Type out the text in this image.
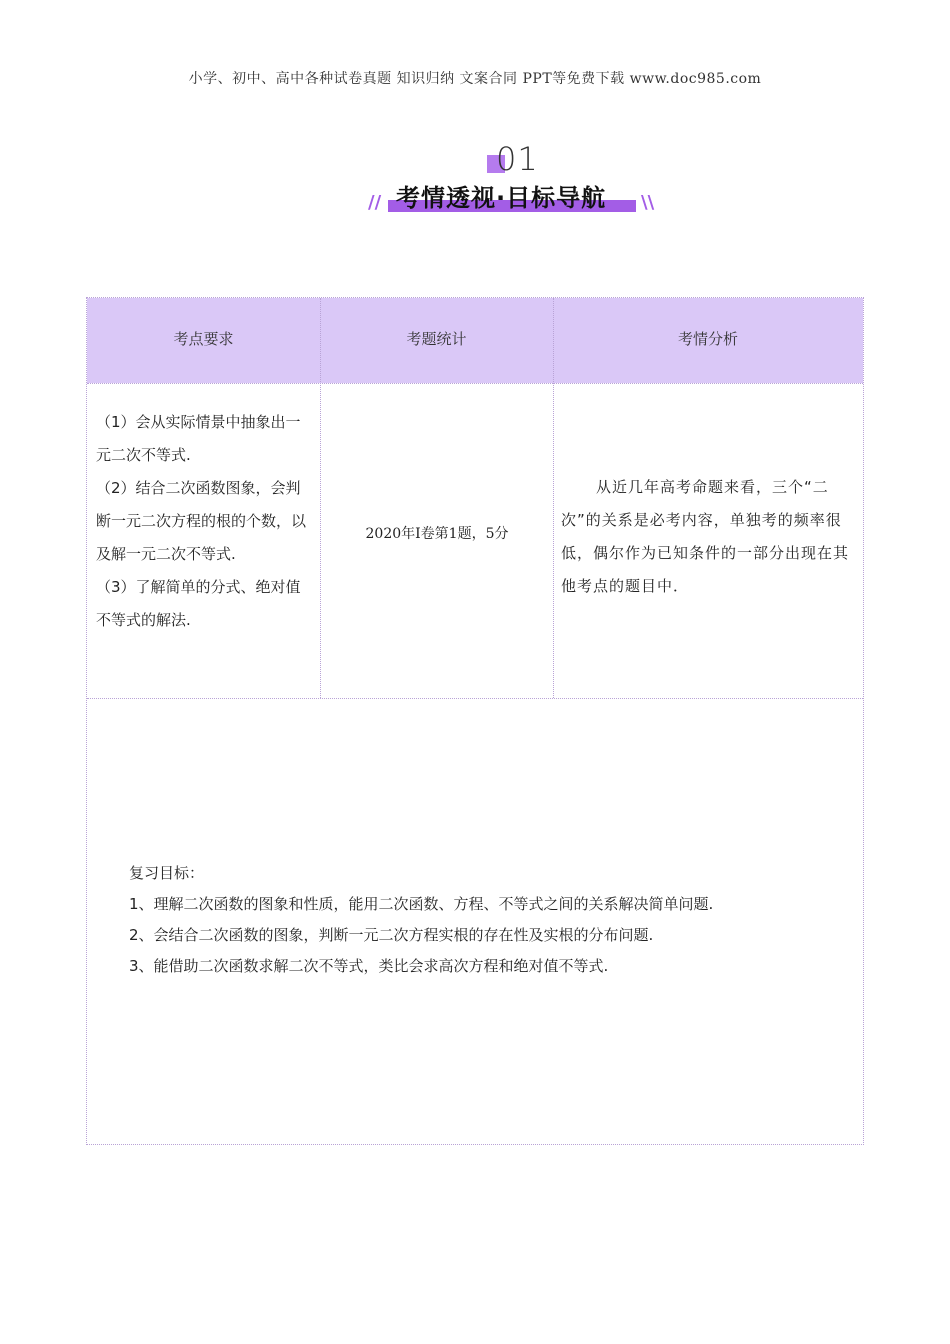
小学、初中、高中各种试卷真题 知识归纳 文案合同 PPT等免费下载 www.doc985.com
01
// 考情透视·目标导航 \\
考点要求	考题统计	考情分析
（1）会从实际情景中抽象出一元二次不等式.
（2）结合二次函数图象，会判断一元二次方程的根的个数，以及解一元二次不等式.
（3）了解简单的分式、绝对值不等式的解法.
2020年I卷第1题，5分
从近几年高考命题来看，三个“二次”的关系是必考内容，单独考的频率很低，偶尔作为已知条件的一部分出现在其他考点的题目中．
复习目标：
1、理解二次函数的图象和性质，能用二次函数、方程、不等式之间的关系解决简单问题.
2、会结合二次函数的图象，判断一元二次方程实根的存在性及实根的分布问题.
3、能借助二次函数求解二次不等式，类比会求高次方程和绝对值不等式.
